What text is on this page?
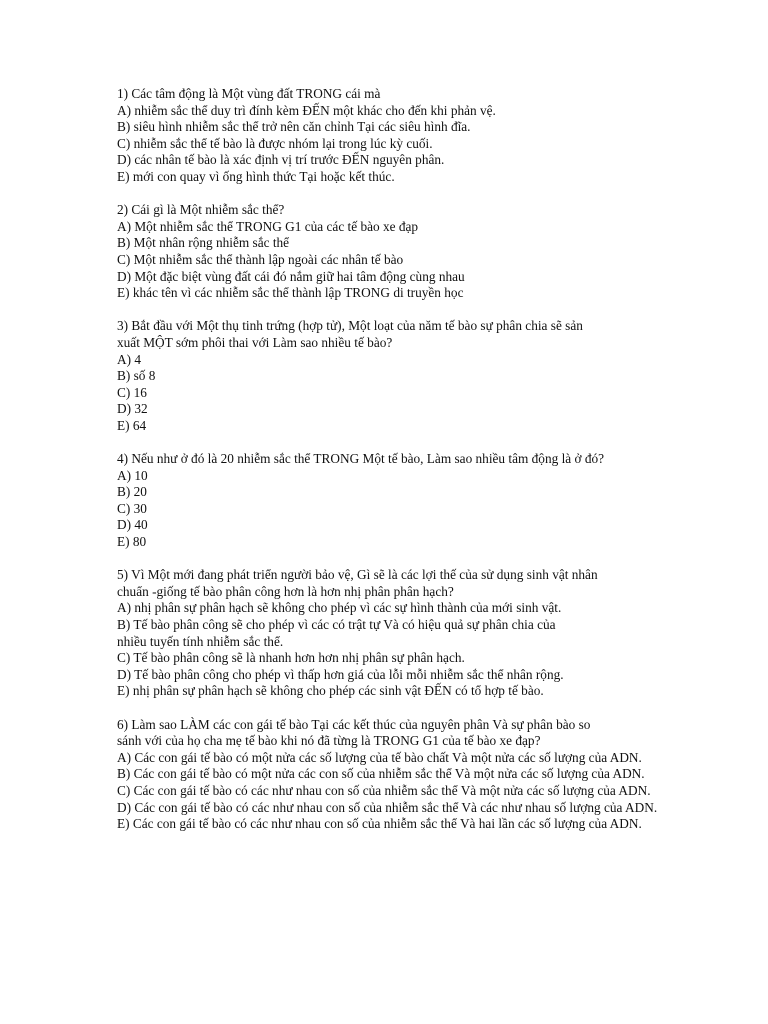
1) Các tâm động là Một vùng đất TRONG cái mà
A) nhiễm sắc thể duy trì đính kèm ĐẾN một khác cho đến khi phản vệ.
B) siêu hình nhiễm sắc thể trở nên căn chỉnh Tại các siêu hình đĩa.
C) nhiễm sắc thể tế bào là được nhóm lại trong lúc kỳ cuối.
D) các nhân tế bào là xác định vị trí trước ĐẾN nguyên phân.
E) mới con quay vì ống hình thức Tại hoặc kết thúc.
2) Cái gì là Một nhiễm sắc thể?
A) Một nhiễm sắc thể TRONG G1 của các tế bào xe đạp
B) Một nhân rộng nhiễm sắc thể
C) Một nhiễm sắc thể thành lập ngoài các nhân tế bào
D) Một đặc biệt vùng đất cái đó nắm giữ hai tâm động cùng nhau
E) khác tên vì các nhiễm sắc thể thành lập TRONG di truyền học
3) Bắt đầu với Một thụ tinh trứng (hợp tử), Một loạt của năm tế bào sự phân chia sẽ sản
xuất MỘT sớm phôi thai với Làm sao nhiều tế bào?
A) 4
B) số 8
C) 16
D) 32
E) 64
4) Nếu như ở đó là 20 nhiễm sắc thể TRONG Một tế bào, Làm sao nhiều tâm động là ở đó?
A) 10
B) 20
C) 30
D) 40
E) 80
5) Vì Một mới đang phát triển người bảo vệ, Gì sẽ là các lợi thế của sử dụng sinh vật nhân
chuẩn -giống tế bào phân công hơn là hơn nhị phân phân hạch?
A) nhị phân sự phân hạch sẽ không cho phép vì các sự hình thành của mới sinh vật.
B) Tế bào phân công sẽ cho phép vì các có trật tự Và có hiệu quả sự phân chia của
nhiều tuyến tính nhiễm sắc thể.
C) Tế bào phân công sẽ là nhanh hơn hơn nhị phân sự phân hạch.
D) Tế bào phân công cho phép vì thấp hơn giá của lỗi mỗi nhiễm sắc thể nhân rộng.
E) nhị phân sự phân hạch sẽ không cho phép các sinh vật ĐẾN có tổ hợp tế bào.
6) Làm sao LÀM các con gái tế bào Tại các kết thúc của nguyên phân Và sự phân bào so
sánh với của họ cha mẹ tế bào khi nó đã từng là TRONG G1 của tế bào xe đạp?
A) Các con gái tế bào có một nửa các số lượng của tế bào chất Và một nửa các số lượng của ADN.
B) Các con gái tế bào có một nửa các con số của nhiễm sắc thể Và một nửa các số lượng của ADN.
C) Các con gái tế bào có các như nhau con số của nhiễm sắc thể Và một nửa các số lượng của ADN.
D) Các con gái tế bào có các như nhau con số của nhiễm sắc thể Và các như nhau số lượng của ADN.
E) Các con gái tế bào có các như nhau con số của nhiễm sắc thể Và hai lần các số lượng của ADN.
